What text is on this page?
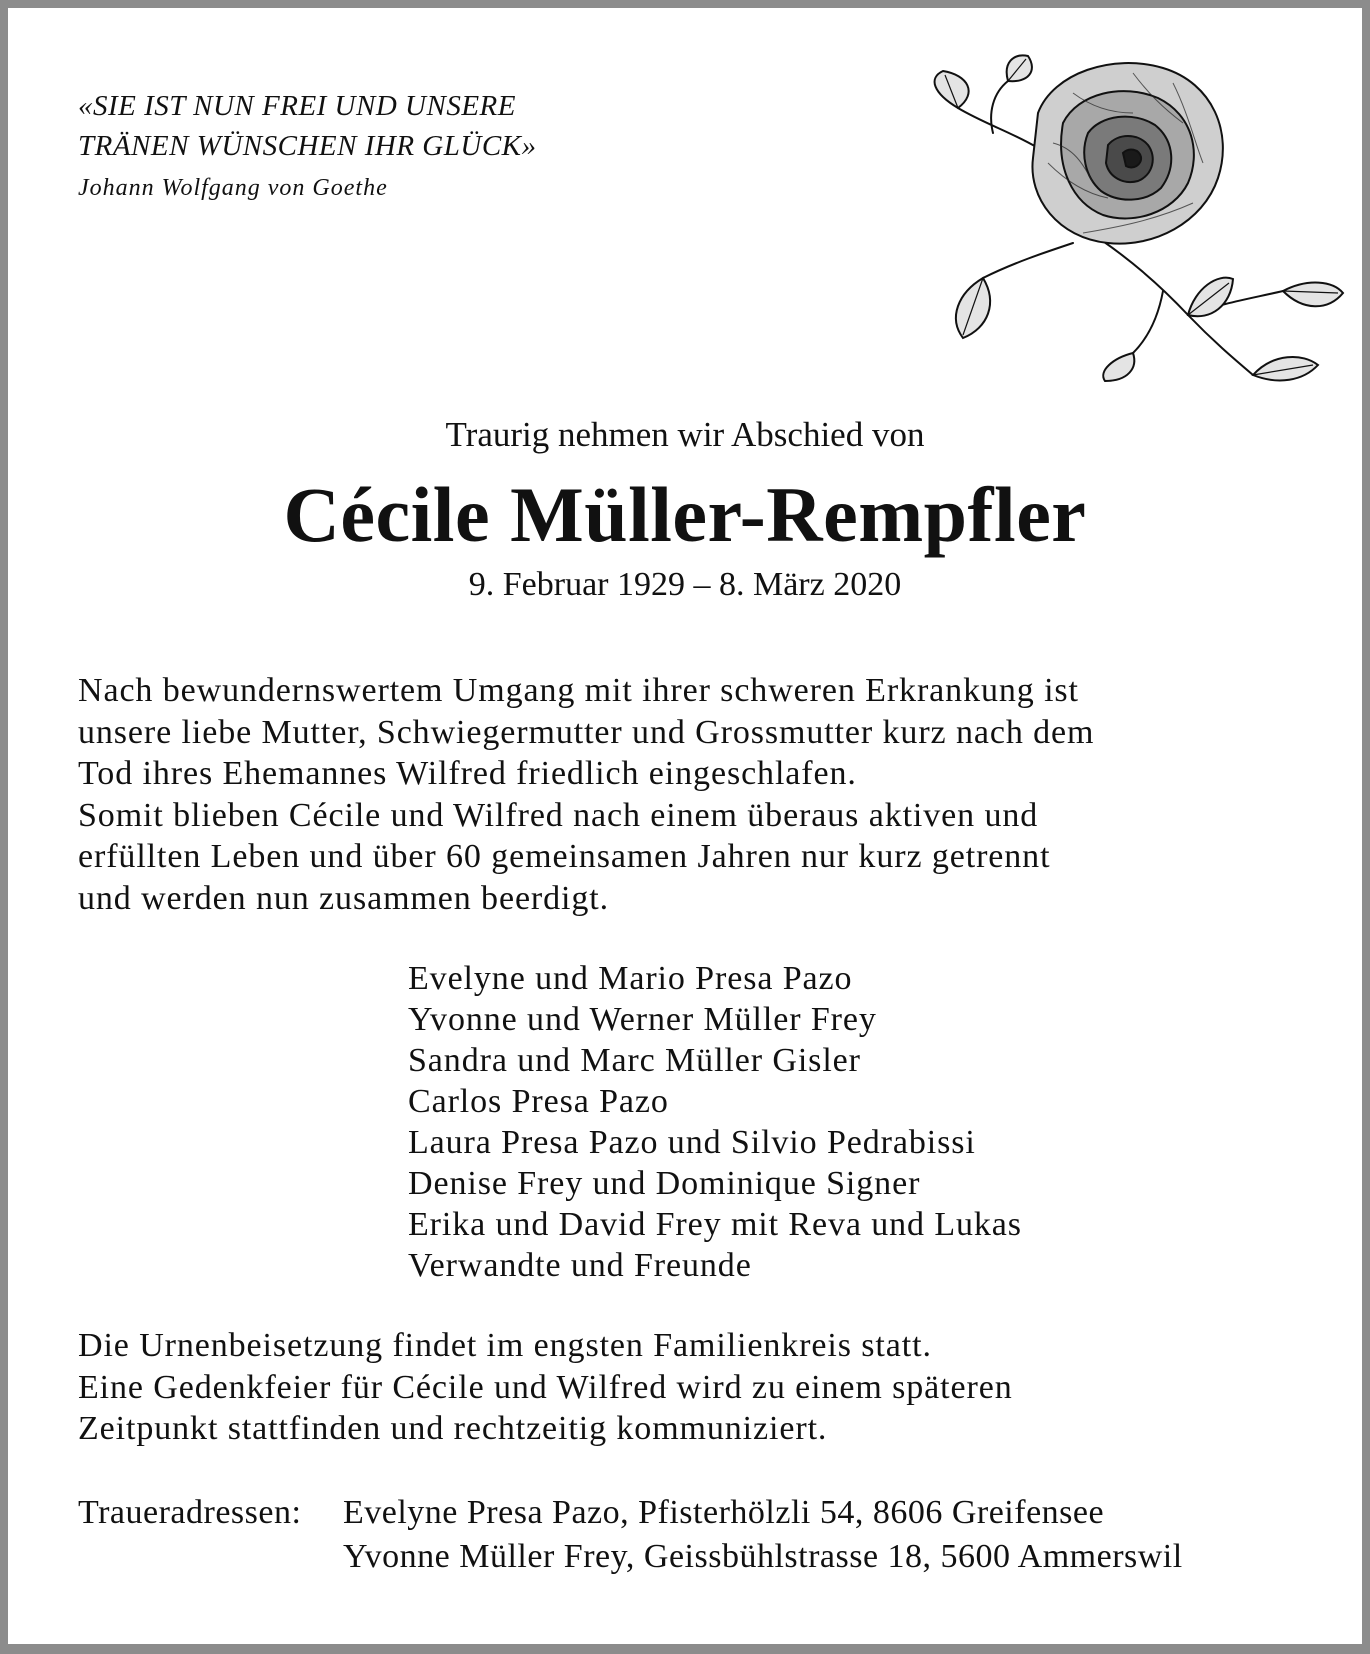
«SIE IST NUN FREI UND UNSERE
TRÄNEN WÜNSCHEN IHR GLÜCK»
Johann Wolfgang von Goethe
Traurig nehmen wir Abschied von
Cécile Müller-Rempfler
9. Februar 1929 – 8. März 2020
Nach bewundernswertem Umgang mit ihrer schweren Erkrankung ist
unsere liebe Mutter, Schwiegermutter und Grossmutter kurz nach dem
Tod ihres Ehemannes Wilfred friedlich eingeschlafen.
Somit blieben Cécile und Wilfred nach einem überaus aktiven und
erfüllten Leben und über 60 gemeinsamen Jahren nur kurz getrennt
und werden nun zusammen beerdigt.
Evelyne und Mario Presa Pazo
Yvonne und Werner Müller Frey
Sandra und Marc Müller Gisler
Carlos Presa Pazo
Laura Presa Pazo und Silvio Pedrabissi
Denise Frey und Dominique Signer
Erika und David Frey mit Reva und Lukas
Verwandte und Freunde
Die Urnenbeisetzung findet im engsten Familienkreis statt.
Eine Gedenkfeier für Cécile und Wilfred wird zu einem späteren
Zeitpunkt stattfinden und rechtzeitig kommuniziert.
Traueradressen: Evelyne Presa Pazo, Pfisterhölzli 54, 8606 Greifensee
Yvonne Müller Frey, Geissbühlstrasse 18, 5600 Ammerswil
